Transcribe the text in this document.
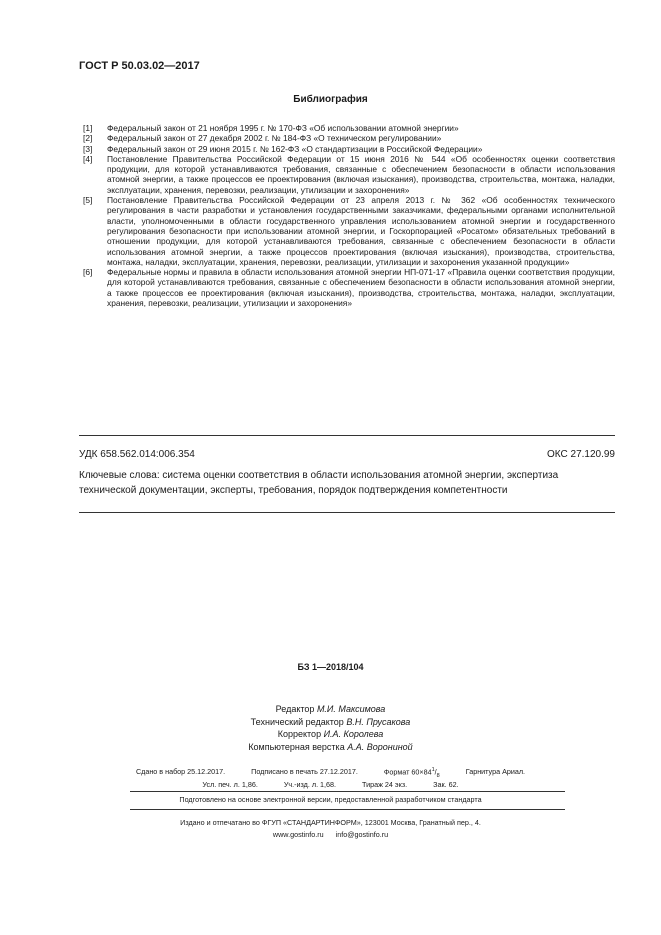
ГОСТ Р 50.03.02—2017
Библиография
[1]	Федеральный закон от 21 ноября 1995 г. № 170-ФЗ «Об использовании атомной энергии»
[2]	Федеральный закон от 27 декабря 2002 г. № 184-ФЗ «О техническом регулировании»
[3]	Федеральный закон от 29 июня 2015 г. № 162-ФЗ «О стандартизации в Российской Федерации»
[4]	Постановление Правительства Российской Федерации от 15 июня 2016 № 544 «Об особенностях оценки соответствия продукции, для которой устанавливаются требования, связанные с обеспечением безопасности в области использования атомной энергии, а также процессов ее проектирования (включая изыскания), производства, строительства, монтажа, наладки, эксплуатации, хранения, перевозки, реализации, утилизации и захоронения»
[5]	Постановление Правительства Российской Федерации от 23 апреля 2013 г. № 362 «Об особенностях технического регулирования в части разработки и установления государственными заказчиками, федеральными органами исполнительной власти, уполномоченными в области государственного управления использованием атомной энергии и государственного регулирования безопасности при использовании атомной энергии, и Госкорпорацией «Росатом» обязательных требований в отношении продукции, для которой устанавливаются требования, связанные с обеспечением безопасности в области использования атомной энергии, а также процессов проектирования (включая изыскания), производства, строительства, монтажа, наладки, эксплуатации, хранения, перевозки, реализации, утилизации и захоронения указанной продукции»
[6]	Федеральные нормы и правила в области использования атомной энергии НП-071-17 «Правила оценки соответствия продукции, для которой устанавливаются требования, связанные с обеспечением безопасности в области использования атомной энергии, а также процессов ее проектирования (включая изыскания), производства, строительства, монтажа, наладки, эксплуатации, хранения, перевозки, реализации, утилизации и захоронения»
УДК 658.562.014:006.354	ОКС 27.120.99
Ключевые слова: система оценки соответствия в области использования атомной энергии, экспертиза технической документации, эксперты, требования, порядок подтверждения компетентности
БЗ 1—2018/104
Редактор М.И. Максимова
Технический редактор В.Н. Прусакова
Корректор И.А. Королева
Компьютерная верстка А.А. Ворониной
Сдано в набор 25.12.2017.	Подписано в печать 27.12.2017.	Формат $60\times 84^1/_8$	Гарнитура Ариал.
Усл. печ. л. 1,86.	Уч.-изд. л. 1,68.	Тираж 24 экз.	Зак. 62.
Подготовлено на основе электронной версии, предоставленной разработчиком стандарта
Издано и отпечатано во ФГУП «СТАНДАРТИНФОРМ», 123001 Москва, Гранатный пер., 4.
www.gostinfo.ru info@gostinfo.ru
